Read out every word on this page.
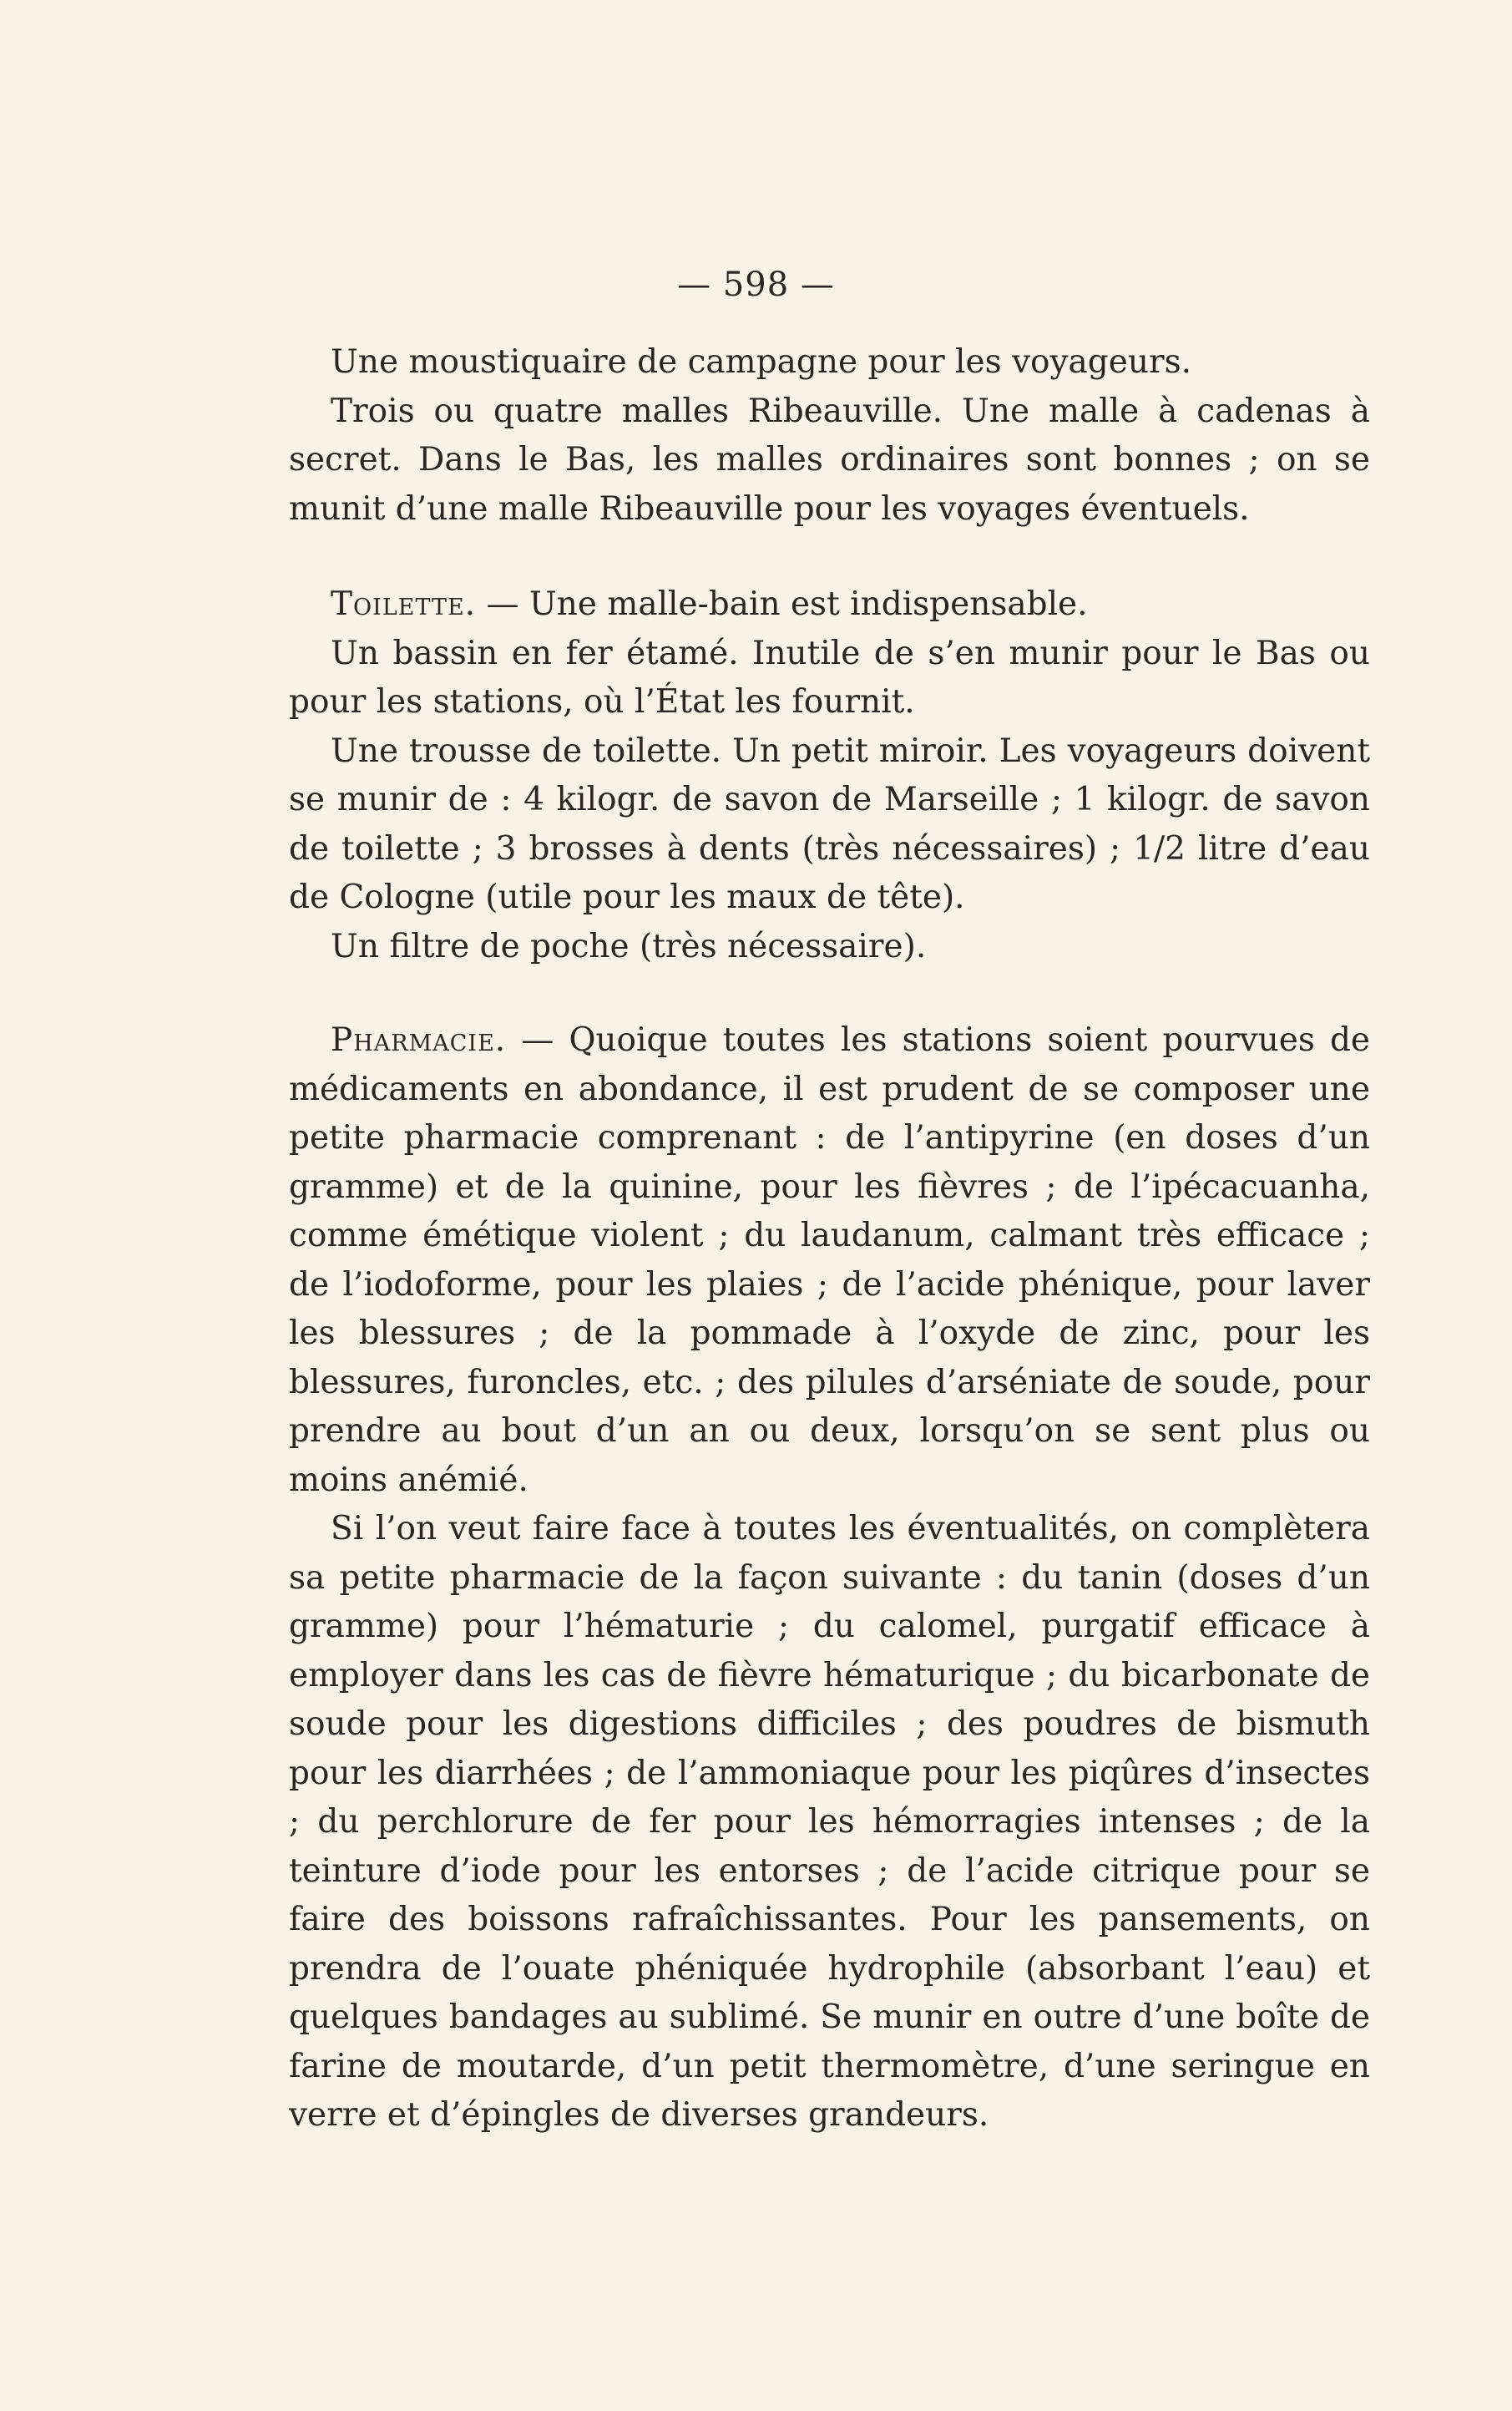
— 598 —

Une moustiquaire de campagne pour les voyageurs.

Trois ou quatre malles Ribeauville. Une malle à cadenas à secret. Dans le Bas, les malles ordinaires sont bonnes ; on se munit d’une malle Ribeauville pour les voyages éventuels.

Toilette. — Une malle-bain est indispensable.

Un bassin en fer étamé. Inutile de s’en munir pour le Bas ou pour les stations, où l’État les fournit.

Une trousse de toilette. Un petit miroir. Les voyageurs doivent se munir de : 4 kilogr. de savon de Marseille ; 1 kilogr. de savon de toilette ; 3 brosses à dents (très nécessaires) ; 1/2 litre d’eau de Cologne (utile pour les maux de tête).

Un filtre de poche (très nécessaire).

Pharmacie. — Quoique toutes les stations soient pourvues de médicaments en abondance, il est prudent de se composer une petite pharmacie comprenant : de l’antipyrine (en doses d’un gramme) et de la quinine, pour les fièvres ; de l’ipécacuanha, comme émétique violent ; du laudanum, calmant très efficace ; de l’iodoforme, pour les plaies ; de l’acide phénique, pour laver les blessures ; de la pommade à l’oxyde de zinc, pour les blessures, furoncles, etc. ; des pilules d’arséniate de soude, pour prendre au bout d’un an ou deux, lorsqu’on se sent plus ou moins anémié.

Si l’on veut faire face à toutes les éventualités, on complètera sa petite pharmacie de la façon suivante : du tanin (doses d’un gramme) pour l’hématurie ; du calomel, purgatif efficace à employer dans les cas de fièvre hématurique ; du bicarbonate de soude pour les digestions difficiles ; des poudres de bismuth pour les diarrhées ; de l’ammoniaque pour les piqûres d’insectes ; du perchlorure de fer pour les hémorragies intenses ; de la teinture d’iode pour les entorses ; de l’acide citrique pour se faire des boissons rafraîchissantes. Pour les pansements, on prendra de l’ouate phéniquée hydrophile (absorbant l’eau) et quelques bandages au sublimé. Se munir en outre d’une boîte de farine de moutarde, d’un petit thermomètre, d’une seringue en verre et d’épingles de diverses grandeurs.
